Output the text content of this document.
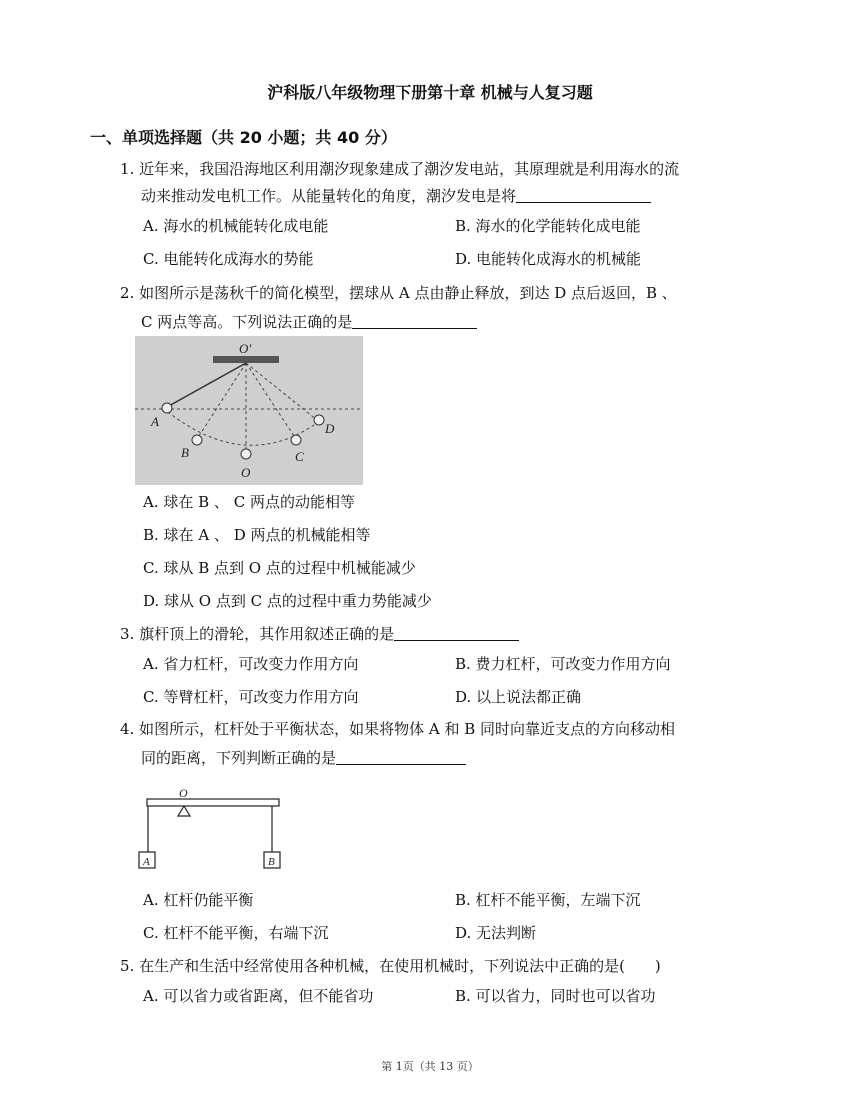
沪科版八年级物理下册第十章 机械与人复习题
一、单项选择题（共 20 小题；共 40 分）
1. 近年来，我国沿海地区利用潮汐现象建成了潮汐发电站，其原理就是利用海水的流
动来推动发电机工作。从能量转化的角度，潮汐发电是将
A. 海水的机械能转化成电能	B. 海水的化学能转化成电能
C. 电能转化成海水的势能	D. 电能转化成海水的机械能
2. 如图所示是荡秋千的简化模型，摆球从 A 点由静止释放，到达 D 点后返回，B 、
C 两点等高。下列说法正确的是
O′
A
B
O
C
D
A. 球在 B 、 C 两点的动能相等
B. 球在 A 、 D 两点的机械能相等
C. 球从 B 点到 O 点的过程中机械能减少
D. 球从 O 点到 C 点的过程中重力势能减少
3. 旗杆顶上的滑轮，其作用叙述正确的是
A. 省力杠杆，可改变力作用方向	B. 费力杠杆，可改变力作用方向
C. 等臂杠杆，可改变力作用方向	D. 以上说法都正确
4. 如图所示，杠杆处于平衡状态，如果将物体 A 和 B 同时向靠近支点的方向移动相
同的距离，下列判断正确的是
O
A	B
A. 杠杆仍能平衡	B. 杠杆不能平衡，左端下沉
C. 杠杆不能平衡，右端下沉	D. 无法判断
5. 在生产和生活中经常使用各种机械，在使用机械时，下列说法中正确的是(　　)
A. 可以省力或省距离，但不能省功	B. 可以省力，同时也可以省功
第 1页（共 13 页）
